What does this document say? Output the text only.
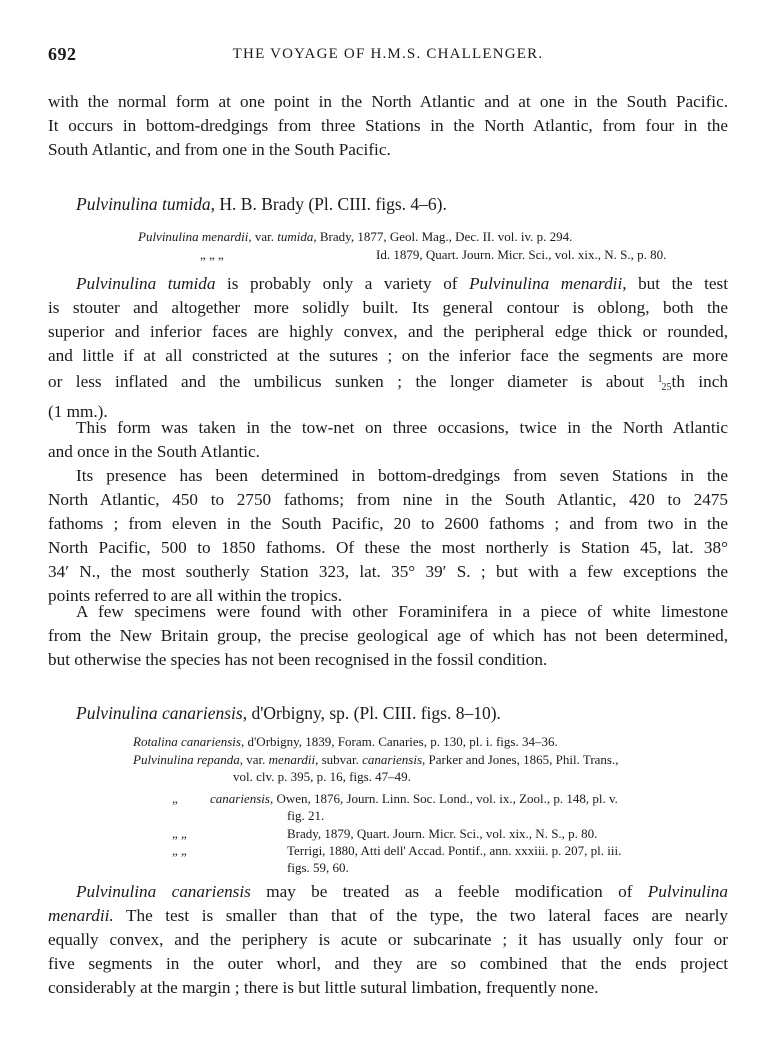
692	THE VOYAGE OF H.M.S. CHALLENGER.
with the normal form at one point in the North Atlantic and at one in the South Pacific.
It occurs in bottom-dredgings from three Stations in the North Atlantic, from four in the
South Atlantic, and from one in the South Pacific.
Pulvinulina tumida, H. B. Brady (Pl. CIII. figs. 4–6).
Pulvinulina menardii, var. tumida, Brady, 1877, Geol. Mag., Dec. II. vol. iv. p. 294.
„ „ „	Id. 1879, Quart. Journ. Micr. Sci., vol. xix., N. S., p. 80.
Pulvinulina tumida is probably only a variety of Pulvinulina menardii, but the test
is stouter and altogether more solidly built. Its general contour is oblong, both the
superior and inferior faces are highly convex, and the peripheral edge thick or rounded,
and little if at all constricted at the sutures ; on the inferior face the segments are more
or less inflated and the umbilicus sunken ; the longer diameter is about $^1$25th inch
(1 mm.).
This form was taken in the tow-net on three occasions, twice in the North Atlantic
and once in the South Atlantic.
Its presence has been determined in bottom-dredgings from seven Stations in the
North Atlantic, 450 to 2750 fathoms; from nine in the South Atlantic, 420 to 2475
fathoms ; from eleven in the South Pacific, 20 to 2600 fathoms ; and from two in the
North Pacific, 500 to 1850 fathoms. Of these the most northerly is Station 45, lat. 38°
34′ N., the most southerly Station 323, lat. 35° 39′ S. ; but with a few exceptions the
points referred to are all within the tropics.
A few specimens were found with other Foraminifera in a piece of white limestone
from the New Britain group, the precise geological age of which has not been determined,
but otherwise the species has not been recognised in the fossil condition.
Pulvinulina canariensis, d'Orbigny, sp. (Pl. CIII. figs. 8–10).
Rotalina canariensis, d'Orbigny, 1839, Foram. Canaries, p. 130, pl. i. figs. 34–36.
Pulvinulina repanda, var. menardii, subvar. canariensis, Parker and Jones, 1865, Phil. Trans.,
vol. clv. p. 395, p. 16, figs. 47–49.
„ canariensis, Owen, 1876, Journ. Linn. Soc. Lond., vol. ix., Zool., p. 148, pl. v.
fig. 21.
„ „	Brady, 1879, Quart. Journ. Micr. Sci., vol. xix., N. S., p. 80.
„ „	Terrigi, 1880, Atti dell' Accad. Pontif., ann. xxxiii. p. 207, pl. iii.
figs. 59, 60.
Pulvinulina canariensis may be treated as a feeble modification of Pulvinulina
menardii. The test is smaller than that of the type, the two lateral faces are nearly
equally convex, and the periphery is acute or subcarinate ; it has usually only four or
five segments in the outer whorl, and they are so combined that the ends project
considerably at the margin ; there is but little sutural limbation, frequently none.
